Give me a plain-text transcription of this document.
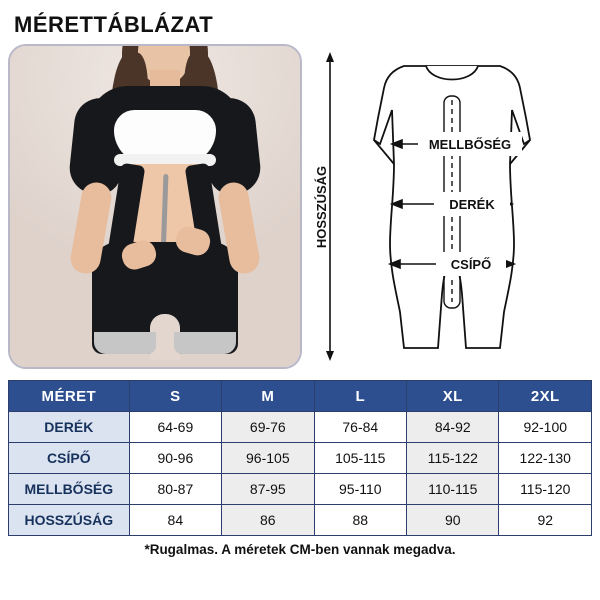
MÉRETTÁBLÁZAT
HOSSZÚSÁG
MELLBŐSÉG
DERÉK
CSÍPŐ
MÉRET	S	M	L	XL	2XL
DERÉK	64-69	69-76	76-84	84-92	92-100
CSÍPŐ	90-96	96-105	105-115	115-122	122-130
MELLBŐSÉG	80-87	87-95	95-110	110-115	115-120
HOSSZÚSÁG	84	86	88	90	92
*Rugalmas. A méretek CM-ben vannak megadva.
